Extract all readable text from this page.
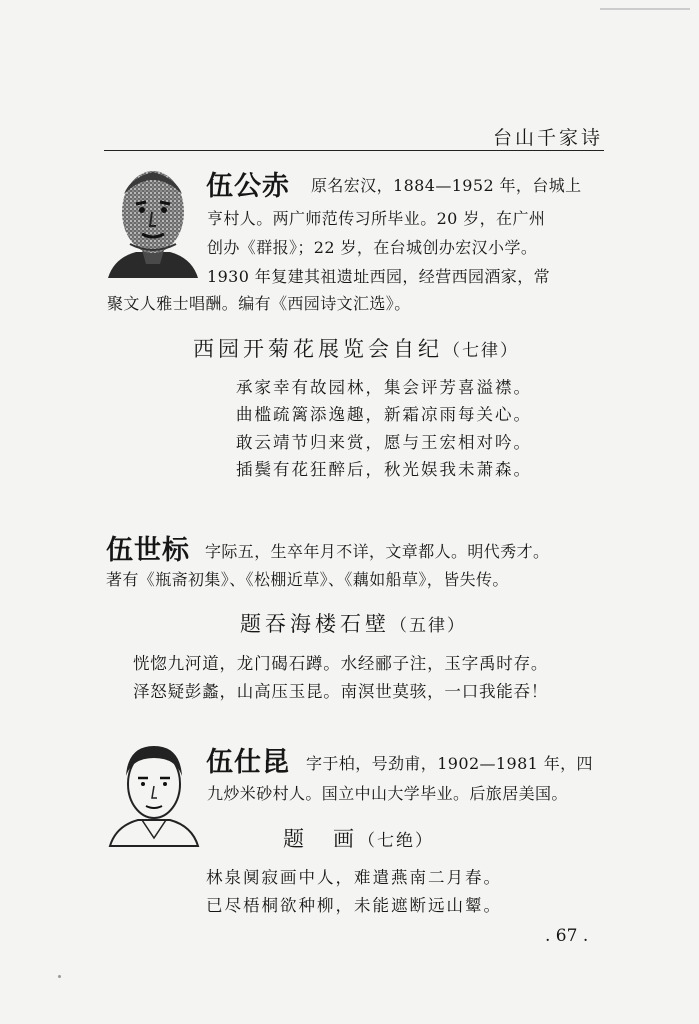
台山千家诗
伍公赤 原名宏汉，1884—1952 年，台城上
亨村人。两广师范传习所毕业。20 岁，在广州
创办《群报》；22 岁，在台城创办宏汉小学。
1930 年复建其祖遗址西园，经营西园酒家，常
聚文人雅士唱酬。编有《西园诗文汇选》。
西园开菊花展览会自纪（七律）
承家幸有故园林，集会评芳喜溢襟。
曲槛疏篱添逸趣，新霜凉雨每关心。
敢云靖节归来赏，愿与王宏相对吟。
插鬓有花狂醉后，秋光娱我未萧森。
伍世标 字际五，生卒年月不详，文章都人。明代秀才。
著有《瓶斋初集》、《松棚近草》、《藕如船草》，皆失传。
题吞海楼石壁（五律）
恍惚九河道，龙门碣石蹲。水经郦子注，玉字禹时存。
泽怒疑彭蠡，山高压玉昆。南溟世莫骇，一口我能吞！
伍仕昆 字于柏，号劲甫，1902—1981 年，四
九炒米砂村人。国立中山大学毕业。后旅居美国。
题　画（七绝）
林泉阒寂画中人，难遣燕南二月春。
已尽梧桐欲种柳，未能遮断远山颦。
. 67 .
